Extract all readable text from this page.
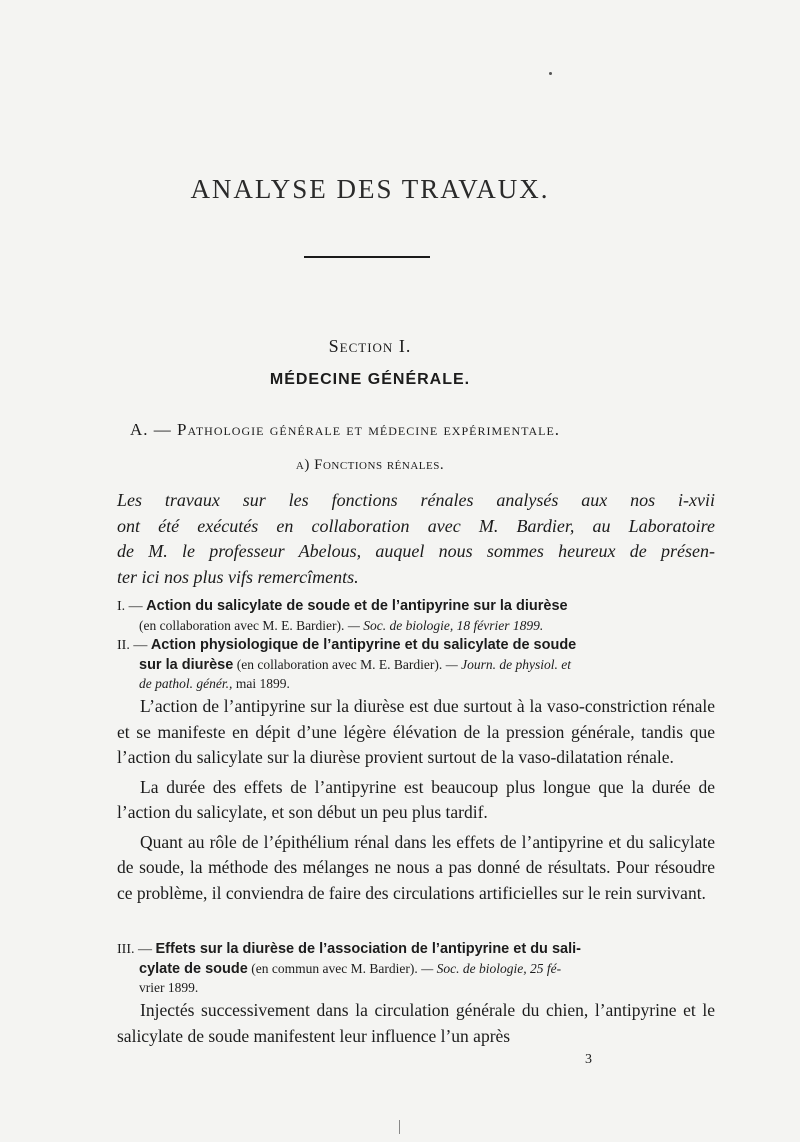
ANALYSE DES TRAVAUX.
Section I.
MÉDECINE GÉNÉRALE.
A. — Pathologie générale et médecine expérimentale.
a) Fonctions rénales.
Les travaux sur les fonctions rénales analysés aux nos i-xvii
ont été exécutés en collaboration avec M. Bardier, au Laboratoire
de M. le professeur Abelous, auquel nous sommes heureux de présen-
ter ici nos plus vifs remercîments.
I. — Action du salicylate de soude et de l’antipyrine sur la diurèse
(en collaboration avec M. E. Bardier). — Soc. de biologie, 18 février 1899.
II. — Action physiologique de l’antipyrine et du salicylate de soude
sur la diurèse (en collaboration avec M. E. Bardier). — Journ. de physiol. et
de pathol. génér., mai 1899.

L’action de l’antipyrine sur la diurèse est due surtout à la vaso-constriction rénale et se manifeste en dépit d’une légère élévation de la pression générale, tandis que l’action du salicylate sur la diurèse provient surtout de la vaso-dilatation rénale.

La durée des effets de l’antipyrine est beaucoup plus longue que la durée de l’action du salicylate, et son début un peu plus tardif.

Quant au rôle de l’épithélium rénal dans les effets de l’antipyrine et du salicylate de soude, la méthode des mélanges ne nous a pas donné de résultats. Pour résoudre ce problème, il conviendra de faire des circulations artificielles sur le rein survivant.

III. — Effets sur la diurèse de l’association de l’antipyrine et du sali-
cylate de soude (en commun avec M. Bardier). — Soc. de biologie, 25 fé-
vrier 1899.

Injectés successivement dans la circulation générale du chien, l’antipyrine et le salicylate de soude manifestent leur influence l’un après

3
